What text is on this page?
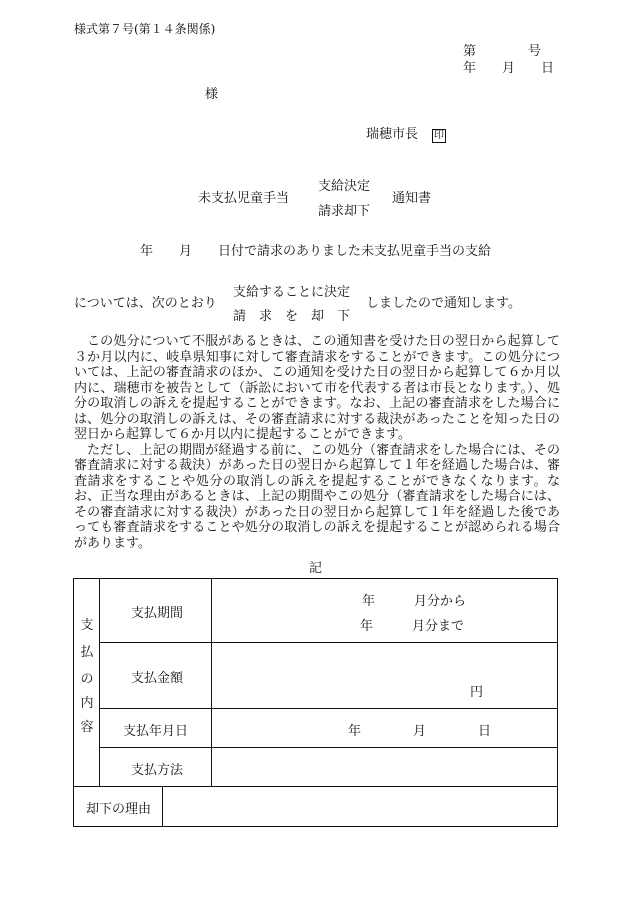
様式第７号(第１４条関係)
第　　　　号
年　　月　　日
様
瑞穂市長 印
未支払児童手当
支給決定
請求却下
通知書
年　　月　　日付で請求のありました未支払児童手当の支給
については、次のとおり
支給することに決定
請　求　を　却　下
しましたので通知します。

この処分について不服があるときは、この通知書を受けた日の翌日から起算して３か月以内に、岐阜県知事に対して審査請求をすることができます。この処分については、上記の審査請求のほか、この通知を受けた日の翌日から起算して６か月以内に、瑞穂市を被告として（訴訟において市を代表する者は市長となります。）、処分の取消しの訴えを提起することができます。なお、上記の審査請求をした場合には、処分の取消しの訴えは、その審査請求に対する裁決があったことを知った日の翌日から起算して６か月以内に提起することができます。

ただし、上記の期間が経過する前に、この処分（審査請求をした場合には、その審査請求に対する裁決）があった日の翌日から起算して１年を経過した場合は、審査請求をすることや処分の取消しの訴えを提起することができなくなります。なお、正当な理由があるときは、上記の期間やこの処分（審査請求をした場合には、その審査請求に対する裁決）があった日の翌日から起算して１年を経過した後であっても審査請求をすることや処分の取消しの訴えを提起することが認められる場合があります。

記
支
払
の
内
容
支払期間
年　　　月分から
年　　　月分まで
支払金額
円
支払年月日	年　　　　月　　　　日
支払方法
却下の理由
